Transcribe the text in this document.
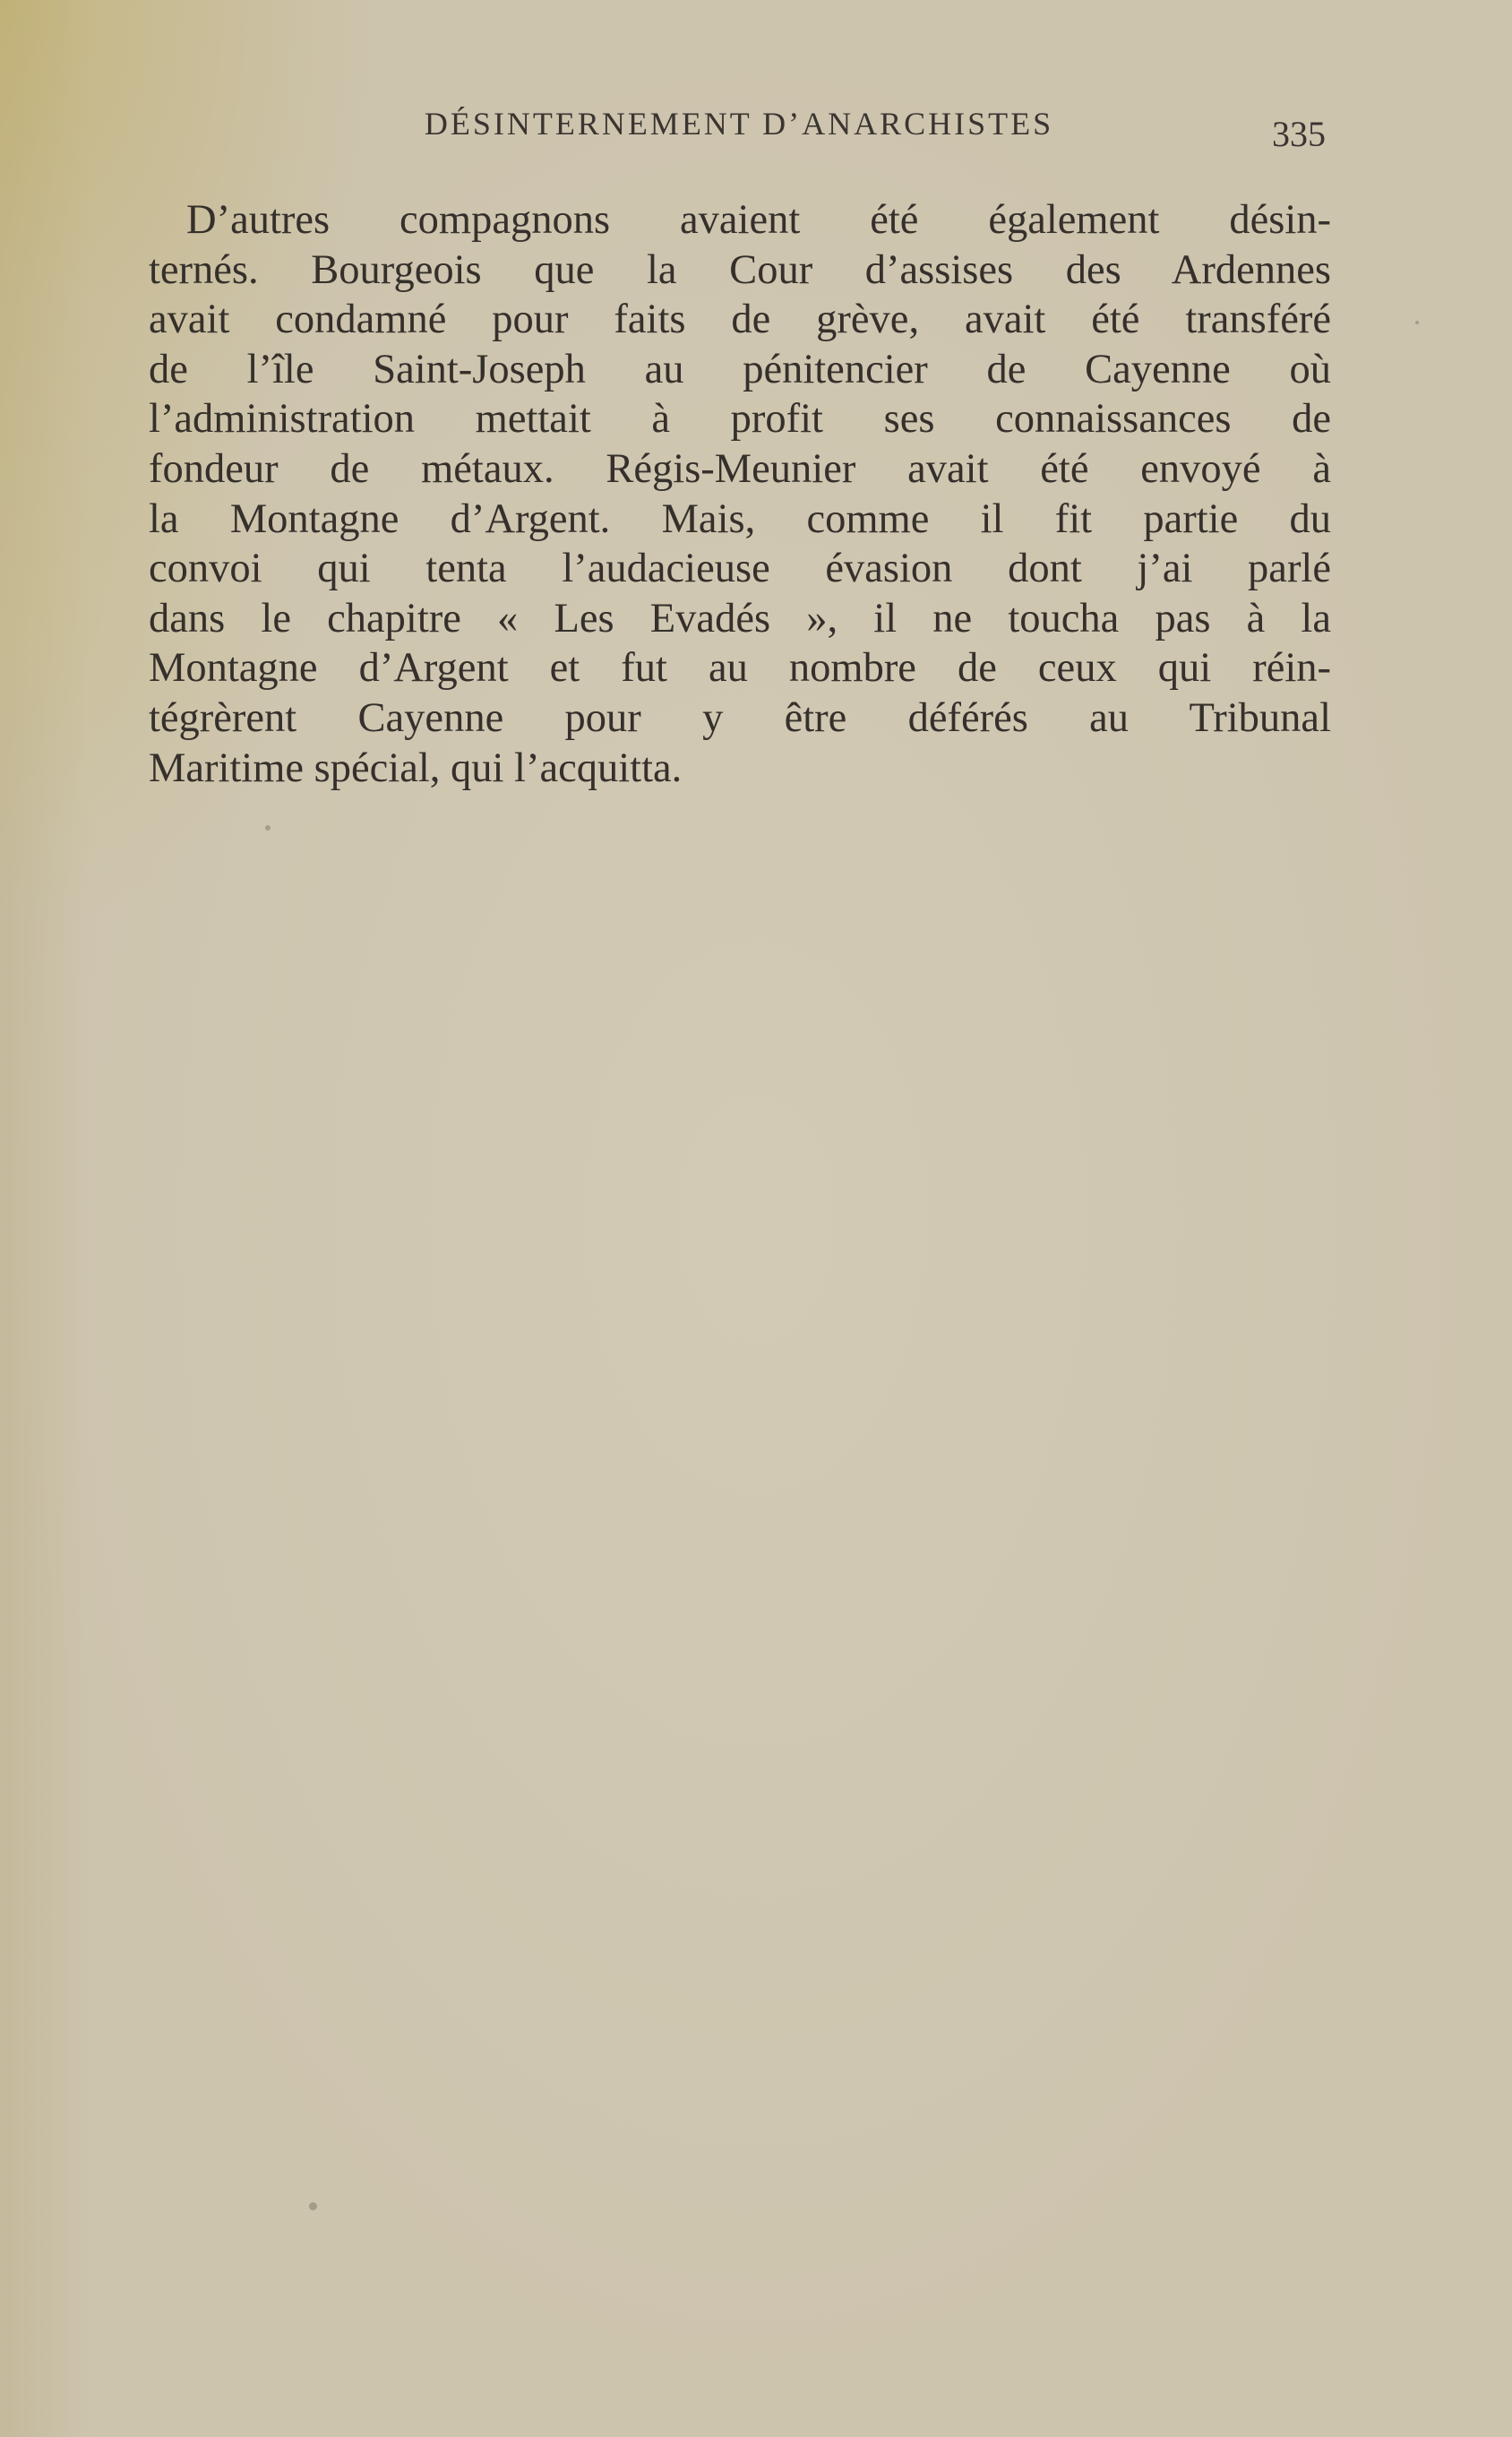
DÉSINTERNEMENT D’ANARCHISTES	335
D’autres compagnons avaient été également désin-
ternés. Bourgeois que la Cour d’assises des Ardennes
avait condamné pour faits de grève, avait été transféré
de l’île Saint-Joseph au pénitencier de Cayenne où
l’administration mettait à profit ses connaissances de
fondeur de métaux. Régis-Meunier avait été envoyé à
la Montagne d’Argent. Mais, comme il fit partie du
convoi qui tenta l’audacieuse évasion dont j’ai parlé
dans le chapitre « Les Evadés », il ne toucha pas à la
Montagne d’Argent et fut au nombre de ceux qui réin-
tégrèrent Cayenne pour y être déférés au Tribunal
Maritime spécial, qui l’acquitta.
